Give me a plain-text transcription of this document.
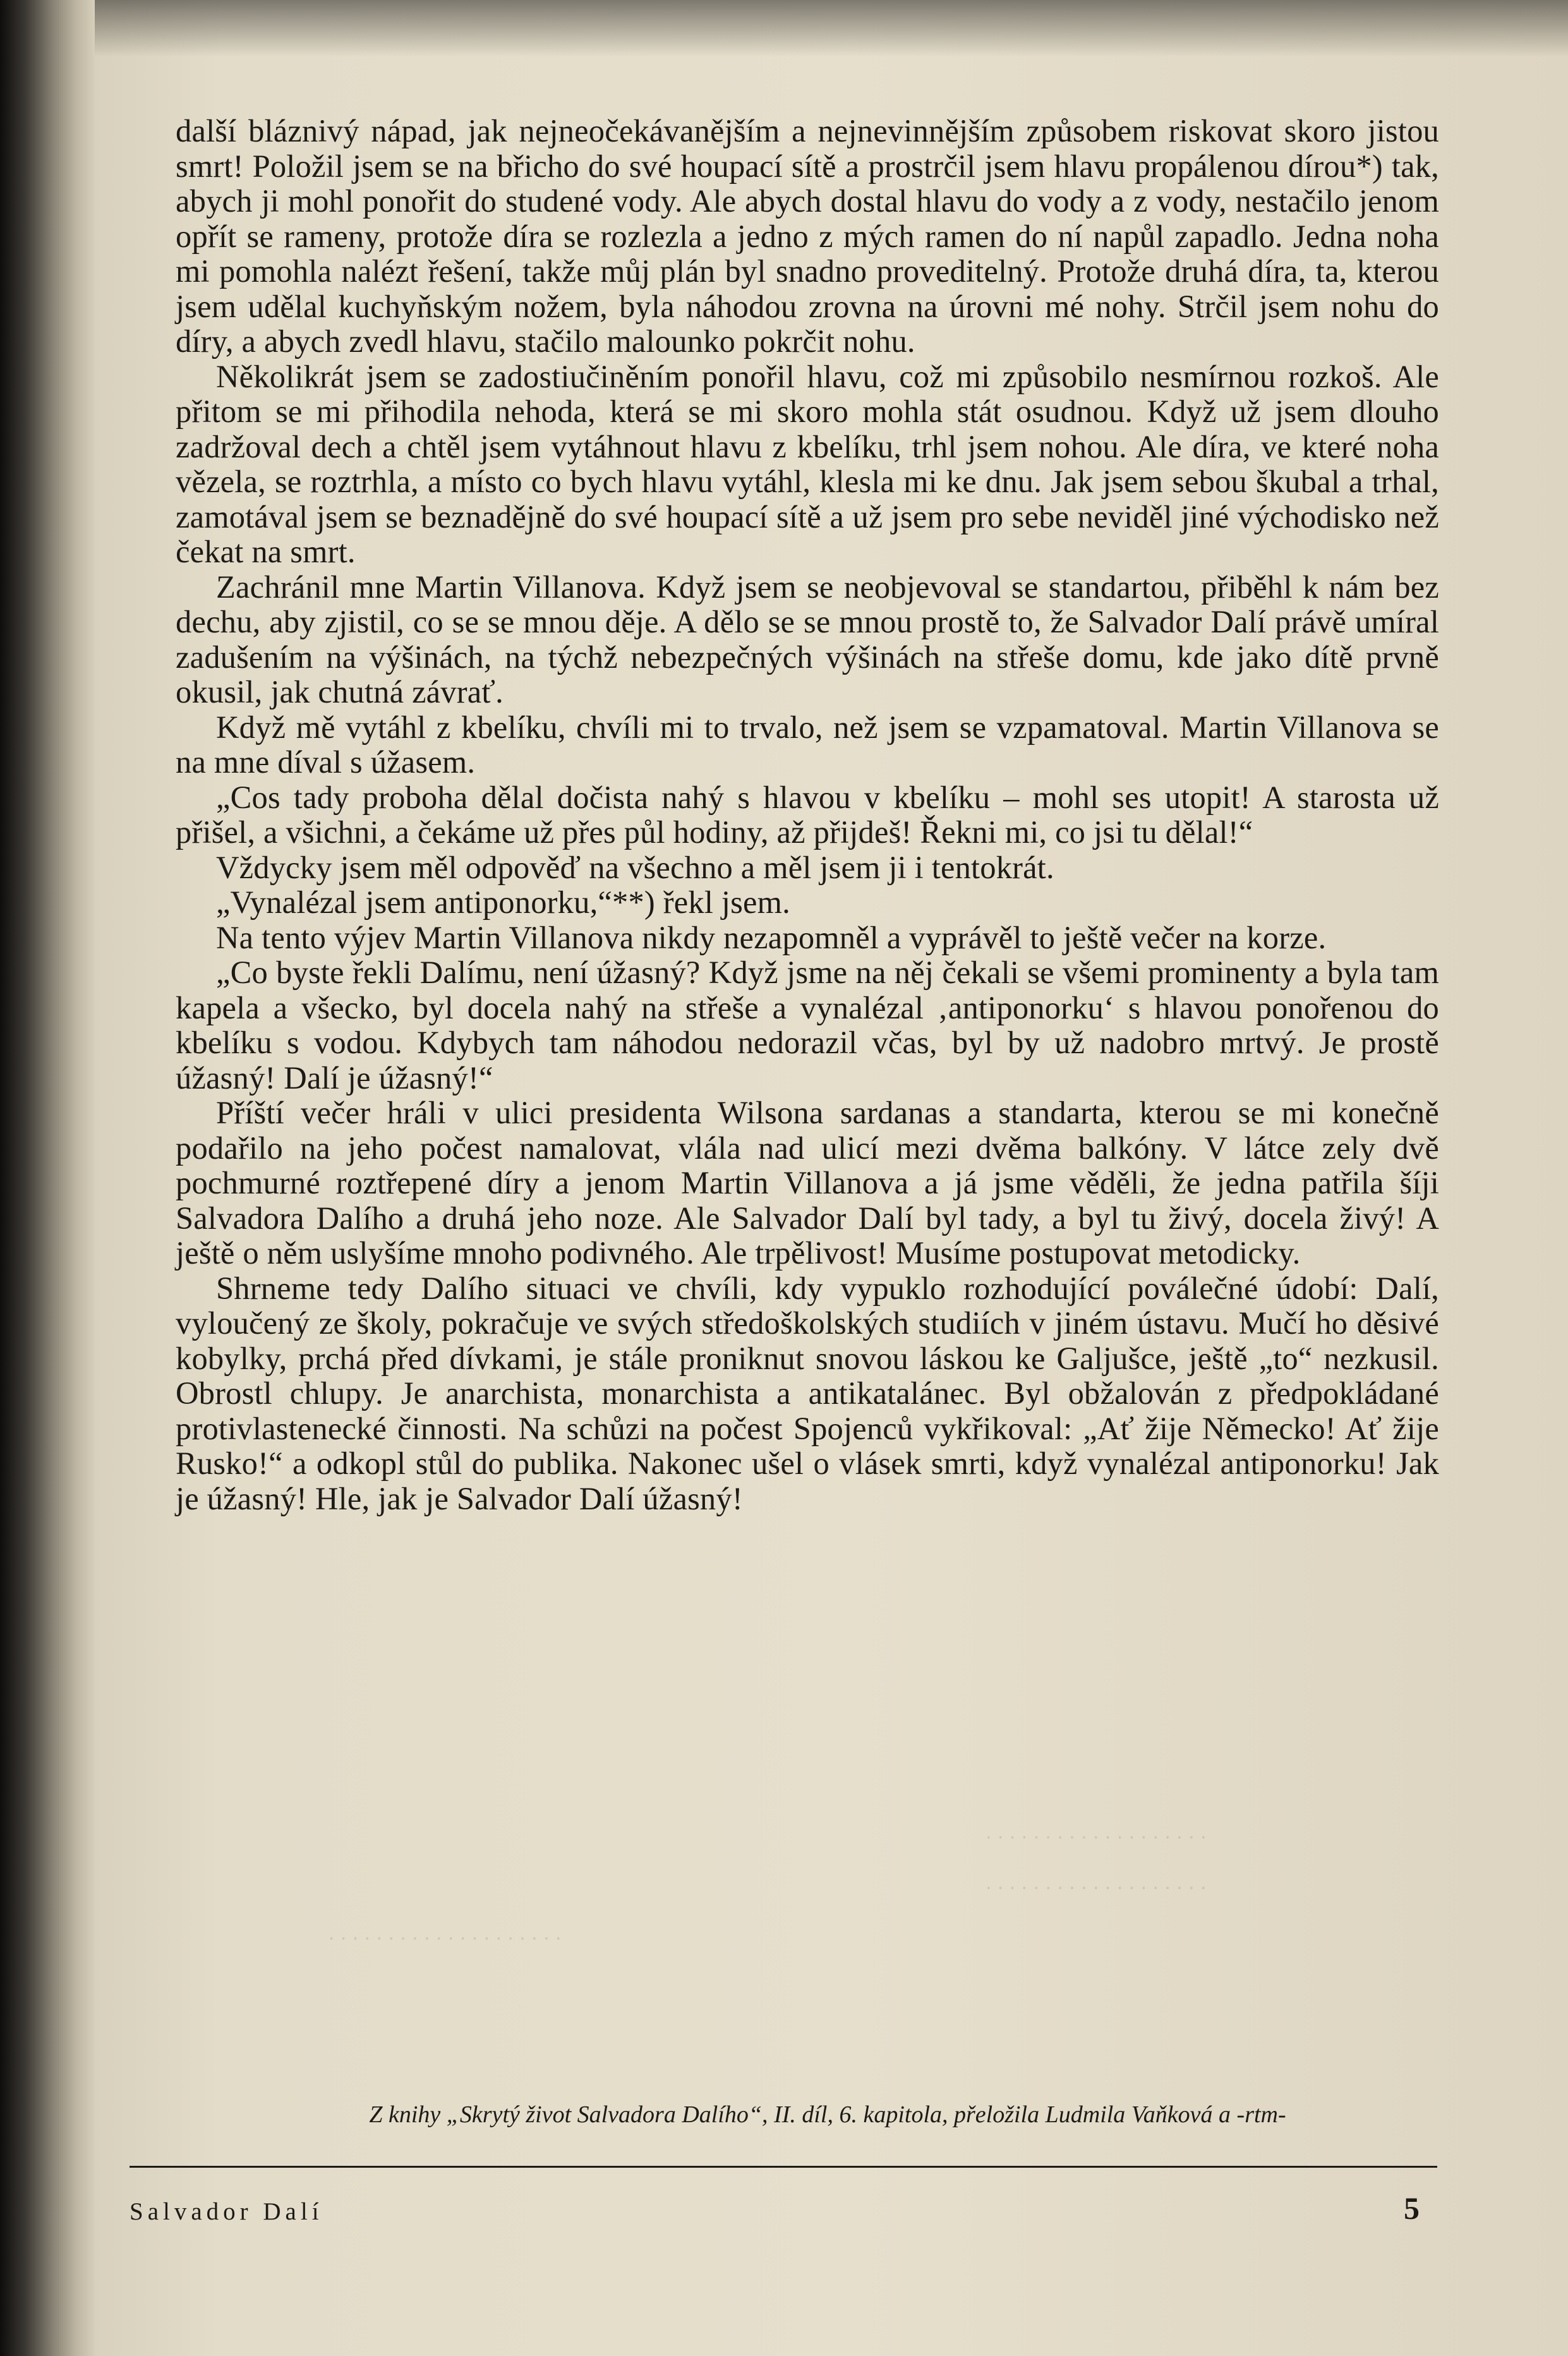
. . . . . . . . . . . . . . . . . . .
. . . . . . . . . . . . . . . . . . .
. . . . . . . . . . . . . . . . . . . .

další bláznivý nápad, jak nejneočekávanějším a nejnevinnějším způsobem riskovat skoro jistou smrt! Položil jsem se na břicho do své houpací sítě a prostrčil jsem hlavu propálenou dírou*) tak, abych ji mohl ponořit do studené vody. Ale abych dostal hlavu do vody a z vody, nestačilo jenom opřít se rameny, protože díra se rozlezla a jedno z mých ramen do ní napůl zapadlo. Jedna noha mi pomohla nalézt řešení, takže můj plán byl snadno proveditelný. Protože druhá díra, ta, kterou jsem udělal kuchyňským nožem, byla náhodou zrovna na úrovni mé nohy. Strčil jsem nohu do díry, a abych zvedl hlavu, stačilo malounko pokrčit nohu.

Několikrát jsem se zadostiučiněním ponořil hlavu, což mi způsobilo nesmírnou rozkoš. Ale přitom se mi přihodila nehoda, která se mi skoro mohla stát osudnou. Když už jsem dlouho zadržoval dech a chtěl jsem vytáhnout hlavu z kbelíku, trhl jsem nohou. Ale díra, ve které noha vězela, se roztrhla, a místo co bych hlavu vytáhl, klesla mi ke dnu. Jak jsem sebou škubal a trhal, zamotával jsem se beznadějně do své houpací sítě a už jsem pro sebe neviděl jiné východisko než čekat na smrt.

Zachránil mne Martin Villanova. Když jsem se neobjevoval se standartou, přiběhl k nám bez dechu, aby zjistil, co se se mnou děje. A dělo se se mnou prostě to, že Salvador Dalí právě umíral zadušením na výšinách, na týchž nebezpečných výšinách na střeše domu, kde jako dítě prvně okusil, jak chutná závrať.

Když mě vytáhl z kbelíku, chvíli mi to trvalo, než jsem se vzpamatoval. Martin Villanova se na mne díval s úžasem.

„Cos tady proboha dělal dočista nahý s hlavou v kbelíku – mohl ses utopit! A starosta už přišel, a všichni, a čekáme už přes půl hodiny, až přijdeš! Řekni mi, co jsi tu dělal!“

Vždycky jsem měl odpověď na všechno a měl jsem ji i tentokrát.

„Vynalézal jsem antiponorku,“**) řekl jsem.

Na tento výjev Martin Villanova nikdy nezapomněl a vyprávěl to ještě večer na korze.

„Co byste řekli Dalímu, není úžasný? Když jsme na něj čekali se všemi prominenty a byla tam kapela a všecko, byl docela nahý na střeše a vynalézal ‚antiponorku‘ s hlavou ponořenou do kbelíku s vodou. Kdybych tam náhodou nedorazil včas, byl by už nadobro mrtvý. Je prostě úžasný! Dalí je úžasný!“

Příští večer hráli v ulici presidenta Wilsona sardanas a standarta, kterou se mi konečně podařilo na jeho počest namalovat, vlála nad ulicí mezi dvěma balkóny. V látce zely dvě pochmurné roztřepené díry a jenom Martin Villanova a já jsme věděli, že jedna patřila šíji Salvadora Dalího a druhá jeho noze. Ale Salvador Dalí byl tady, a byl tu živý, docela živý! A ještě o něm uslyšíme mnoho podivného. Ale trpělivost! Musíme postupovat metodicky.

Shrneme tedy Dalího situaci ve chvíli, kdy vypuklo rozhodující poválečné údobí: Dalí, vyloučený ze školy, pokračuje ve svých středoškolských studiích v jiném ústavu. Mučí ho děsivé kobylky, prchá před dívkami, je stále proniknut snovou láskou ke Galjušce, ještě „to“ nezkusil. Obrostl chlupy. Je anarchista, monarchista a antikatalánec. Byl obžalován z předpokládané protivlastenecké činnosti. Na schůzi na počest Spojenců vykřikoval: „Ať žije Německo! Ať žije Rusko!“ a odkopl stůl do publika. Nakonec ušel o vlásek smrti, když vynalézal antiponorku! Jak je úžasný! Hle, jak je Salvador Dalí úžasný!

Z knihy „Skrytý život Salvadora Dalího“, II. díl, 6. kapitola, přeložila Ludmila Vaňková a -rtm-
Salvador Dalí	5
